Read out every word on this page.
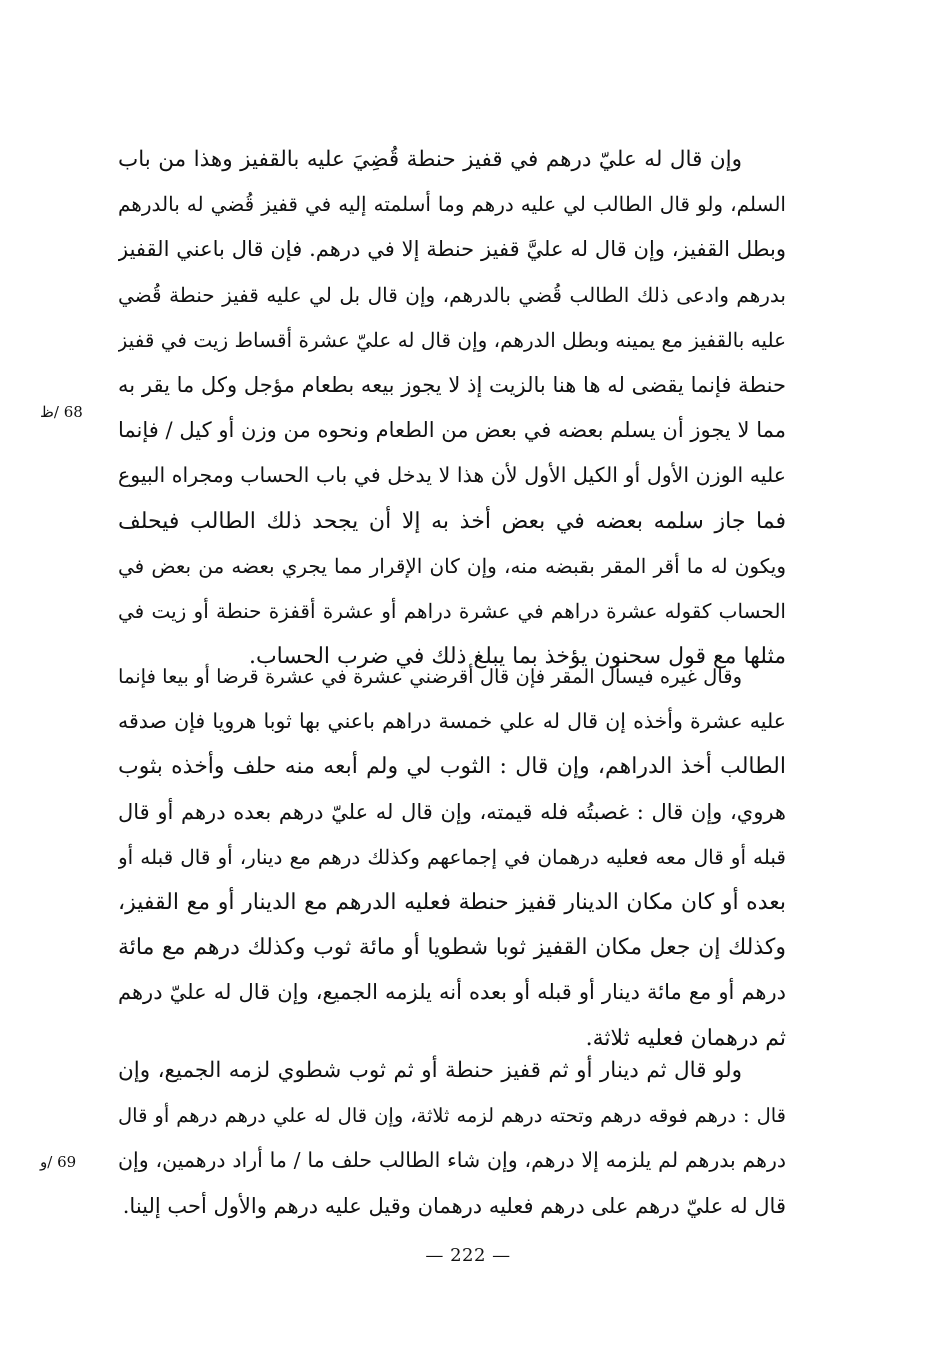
وإن قال له عليّ درهم في قفيز حنطة قُضِيَ عليه بالقفيز وهذا من باب
السلم، ولو قال الطالب لي عليه درهم وما أسلمته إليه في قفيز قُضي له بالدرهم
وبطل القفيز، وإن قال له عليَّ قفيز حنطة إلا في درهم. فإن قال باعني القفيز
بدرهم وادعى ذلك الطالب قُضي بالدرهم، وإن قال بل لي عليه قفيز حنطة قُضي
عليه بالقفيز مع يمينه وبطل الدرهم، وإن قال له عليّ عشرة أقساط زيت في قفيز
حنطة فإنما يقضى له ها هنا بالزيت إذ لا يجوز بيعه بطعام مؤجل وكل ما يقر به
مما لا يجوز أن يسلم بعضه في بعض من الطعام ونحوه من وزن أو كيل / فإنما
عليه الوزن الأول أو الكيل الأول لأن هذا لا يدخل في باب الحساب ومجراه البيوع
فما جاز سلمه بعضه في بعض أخذ به إلا أن يجحد ذلك الطالب فيحلف
ويكون له ما أقر المقر بقبضه منه، وإن كان الإقرار مما يجري بعضه من بعض في
الحساب كقوله عشرة دراهم في عشرة دراهم أو عشرة أقفزة حنطة أو زيت في
مثلها مع قول سحنون يؤخذ بما يبلغ ذلك في ضرب الحساب.
وقال غيره فيسأل المقر فإن قال أقرضني عشرة في عشرة قرضا أو بيعا فإنما
عليه عشرة وأخذه إن قال له علي خمسة دراهم باعني بها ثوبا هرويا فإن صدقه
الطالب أخذ الدراهم، وإن قال : الثوب لي ولم أبعه منه حلف وأخذه بثوب
هروي، وإن قال : غصبتُه فله قيمته، وإن قال له عليّ درهم بعده درهم أو قال
قبله أو قال معه فعليه درهمان في إجماعهم وكذلك درهم مع دينار، أو قال قبله أو
بعده أو كان مكان الدينار قفيز حنطة فعليه الدرهم مع الدينار أو مع القفيز،
وكذلك إن جعل مكان القفيز ثوبا شطويا أو مائة ثوب وكذلك درهم مع مائة
درهم أو مع مائة دينار أو قبله أو بعده أنه يلزمه الجميع، وإن قال له عليّ درهم
ثم درهمان فعليه ثلاثة.
ولو قال ثم دينار أو ثم قفيز حنطة أو ثم ثوب شطوي لزمه الجميع، وإن
قال : درهم فوقه درهم وتحته درهم لزمه ثلاثة، وإن قال له علي درهم درهم أو قال
درهم بدرهم لم يلزمه إلا درهم، وإن شاء الطالب حلف ما / ما أراد درهمين، وإن
قال له عليّ درهم على درهم فعليه درهمان وقيل عليه درهم والأول أحب إلينا.
68 /ظ
69 /و
— 222 —
